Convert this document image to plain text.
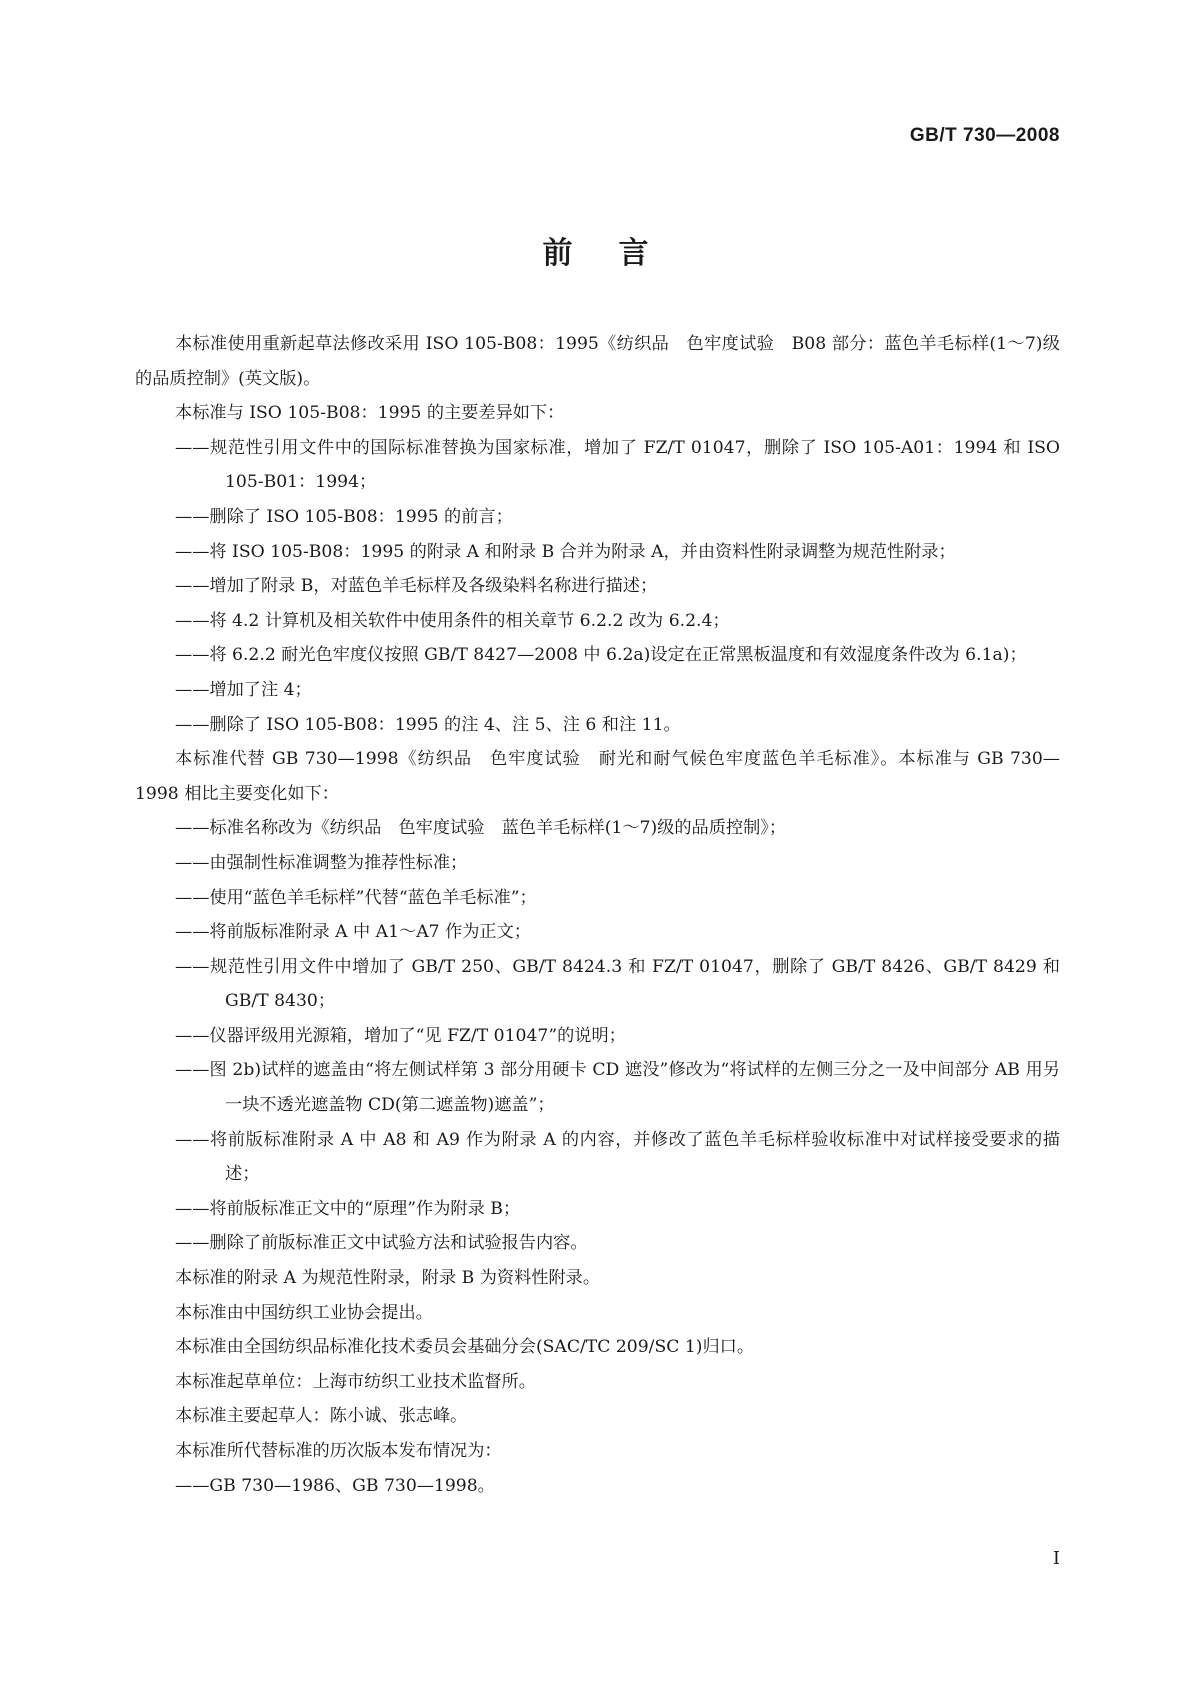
GB/T 730—2008

前言

本标准使用重新起草法修改采用 ISO 105-B08：1995《纺织品　色牢度试验　B08 部分：蓝色羊毛标样(1～7)级的品质控制》(英文版)。

本标准与 ISO 105-B08：1995 的主要差异如下：

——规范性引用文件中的国际标准替换为国家标准，增加了 FZ/T 01047，删除了 ISO 105-A01：1994 和 ISO 105-B01：1994；

——删除了 ISO 105-B08：1995 的前言；

——将 ISO 105-B08：1995 的附录 A 和附录 B 合并为附录 A，并由资料性附录调整为规范性附录；

——增加了附录 B，对蓝色羊毛标样及各级染料名称进行描述；

——将 4.2 计算机及相关软件中使用条件的相关章节 6.2.2 改为 6.2.4；

——将 6.2.2 耐光色牢度仪按照 GB/T 8427—2008 中 6.2a)设定在正常黑板温度和有效湿度条件改为 6.1a)；

——增加了注 4；

——删除了 ISO 105-B08：1995 的注 4、注 5、注 6 和注 11。

本标准代替 GB 730—1998《纺织品　色牢度试验　耐光和耐气候色牢度蓝色羊毛标准》。本标准与 GB 730—1998 相比主要变化如下：

——标准名称改为《纺织品　色牢度试验　蓝色羊毛标样(1～7)级的品质控制》；

——由强制性标准调整为推荐性标准；

——使用“蓝色羊毛标样”代替“蓝色羊毛标准”；

——将前版标准附录 A 中 A1～A7 作为正文；

——规范性引用文件中增加了 GB/T 250、GB/T 8424.3 和 FZ/T 01047，删除了 GB/T 8426、GB/T 8429 和 GB/T 8430；

——仪器评级用光源箱，增加了“见 FZ/T 01047”的说明；

——图 2b)试样的遮盖由“将左侧试样第 3 部分用硬卡 CD 遮没”修改为“将试样的左侧三分之一及中间部分 AB 用另一块不透光遮盖物 CD(第二遮盖物)遮盖”；

——将前版标准附录 A 中 A8 和 A9 作为附录 A 的内容，并修改了蓝色羊毛标样验收标准中对试样接受要求的描述；

——将前版标准正文中的“原理”作为附录 B；

——删除了前版标准正文中试验方法和试验报告内容。

本标准的附录 A 为规范性附录，附录 B 为资料性附录。

本标准由中国纺织工业协会提出。

本标准由全国纺织品标准化技术委员会基础分会(SAC/TC 209/SC 1)归口。

本标准起草单位：上海市纺织工业技术监督所。

本标准主要起草人：陈小诚、张志峰。

本标准所代替标准的历次版本发布情况为：

——GB 730—1986、GB 730—1998。

I
